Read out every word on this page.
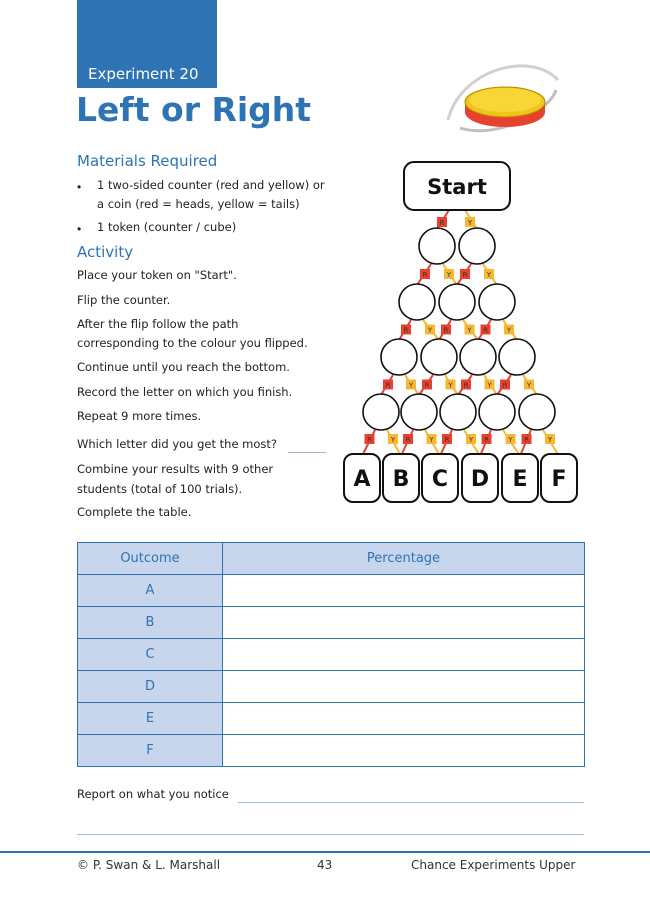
Experiment 20
Left or Right
Materials Required
• 1 two-sided counter (red and yellow) or
a coin (red = heads, yellow = tails)
• 1 token (counter / cube)
Activity
Place your token on "Start".
Flip the counter.
After the flip follow the path
corresponding to the colour you flipped.
Continue until you reach the bottom.
Record the letter on which you finish.
Repeat 9 more times.
Which letter did you get the most?
Combine your results with 9 other
students (total of 100 trials).
Complete the table.
R	Y
R	Y R	Y
R	Y R	Y R	Y
R	Y R	Y R	Y R	Y
R	Y R	Y R	Y R	Y R	Y
Start
A B C D E F
Outcome	Percentage
A	
B	
C	
D	
E	
F	
Report on what you notice
© P. Swan & L. Marshall	43	Chance Experiments Upper
